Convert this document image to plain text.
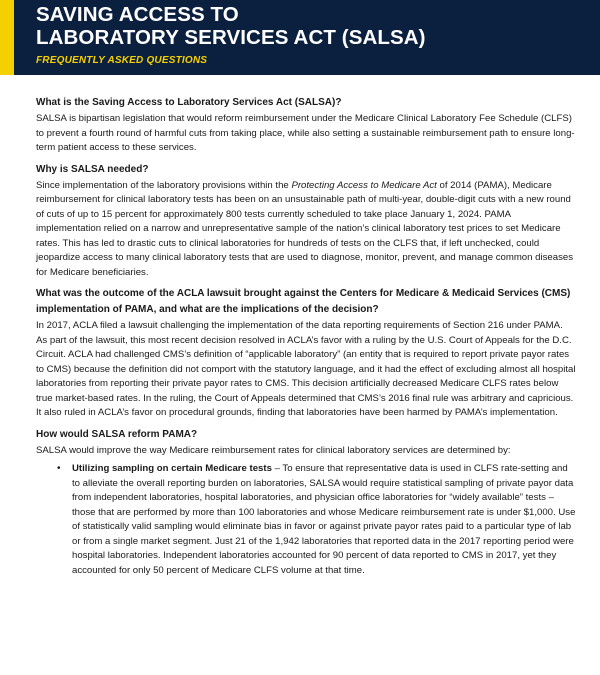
SAVING ACCESS TO
LABORATORY SERVICES ACT (SALSA)
FREQUENTLY ASKED QUESTIONS
What is the Saving Access to Laboratory Services Act (SALSA)?

SALSA is bipartisan legislation that would reform reimbursement under the Medicare Clinical Laboratory Fee Schedule (CLFS) to prevent a fourth round of harmful cuts from taking place, while also setting a sustainable reimbursement path to ensure long-term patient access to these services.

Why is SALSA needed?

Since implementation of the laboratory provisions within the Protecting Access to Medicare Act of 2014 (PAMA), Medicare reimbursement for clinical laboratory tests has been on an unsustainable path of multi-year, double-digit cuts with a new round of cuts of up to 15 percent for approximately 800 tests currently scheduled to take place January 1, 2024. PAMA implementation relied on a narrow and unrepresentative sample of the nation’s clinical laboratory test prices to set Medicare rates. This has led to drastic cuts to clinical laboratories for hundreds of tests on the CLFS that, if left unchecked, could jeopardize access to many clinical laboratory tests that are used to diagnose, monitor, prevent, and manage common diseases for Medicare beneficiaries.

What was the outcome of the ACLA lawsuit brought against the Centers for Medicare & Medicaid Services (CMS) implementation of PAMA, and what are the implications of the decision?

In 2017, ACLA filed a lawsuit challenging the implementation of the data reporting requirements of Section 216 under PAMA. As part of the lawsuit, this most recent decision resolved in ACLA’s favor with a ruling by the U.S. Court of Appeals for the D.C. Circuit. ACLA had challenged CMS’s definition of “applicable laboratory” (an entity that is required to report private payor rates to CMS) because the definition did not comport with the statutory language, and it had the effect of excluding almost all hospital laboratories from reporting their private payor rates to CMS. This decision artificially decreased Medicare CLFS rates below true market-based rates. In the ruling, the Court of Appeals determined that CMS’s 2016 final rule was arbitrary and capricious. It also ruled in ACLA’s favor on procedural grounds, finding that laboratories have been harmed by PAMA’s implementation.

How would SALSA reform PAMA?

SALSA would improve the way Medicare reimbursement rates for clinical laboratory services are determined by:

• Utilizing sampling on certain Medicare tests – To ensure that representative data is used in CLFS rate-setting and to alleviate the overall reporting burden on laboratories, SALSA would require statistical sampling of private payor data from independent laboratories, hospital laboratories, and physician office laboratories for “widely available” tests – those that are performed by more than 100 laboratories and whose Medicare reimbursement rate is under $1,000. Use of statistically valid sampling would eliminate bias in favor or against private payor rates paid to a particular type of lab or from a single market segment. Just 21 of the 1,942 laboratories that reported data in the 2017 reporting period were hospital laboratories. Independent laboratories accounted for 90 percent of data reported to CMS in 2017, yet they accounted for only 50 percent of Medicare CLFS volume at that time.
